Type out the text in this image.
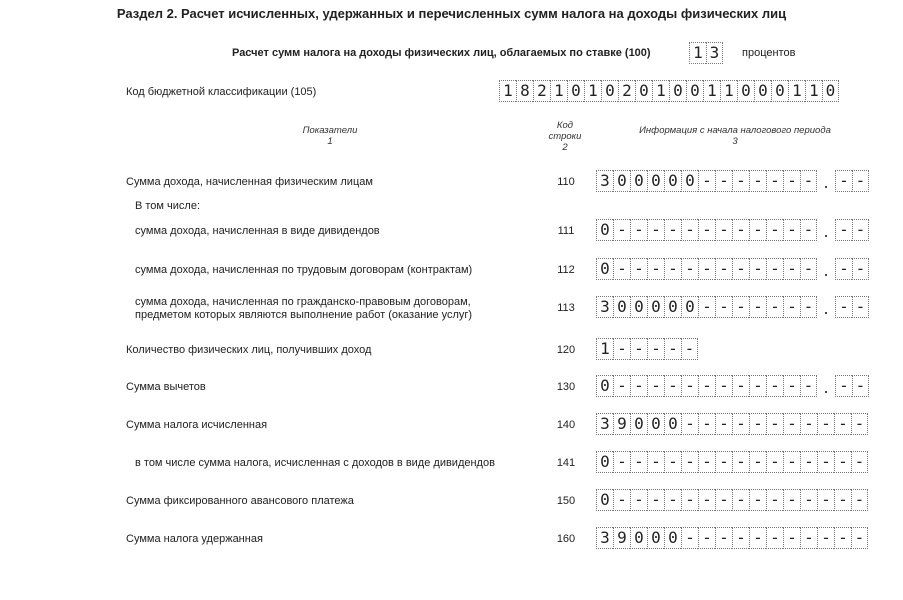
Раздел 2. Расчет исчисленных, удержанных и перечисленных сумм налога на доходы физических лиц
Расчет сумм налога на доходы физических лиц, облагаемых по ставке (100)	1 3	процентов
Код бюджетной классификации (105)	1 8 2 1 0 1 0 2 0 1 0 0 1 1 0 0 0 1 1 0
Показатели
1
Код
строки
2
Информация с начала налогового периода
3
Сумма дохода, начисленная физическим лицам	110	3 0 0 0 0 0 - - - - - - - . - -
В том числе:
сумма дохода, начисленная в виде дивидендов	111	0 - - - - - - - - - - - - . - -
сумма дохода, начисленная по трудовым договорам (контрактам)	112	0 - - - - - - - - - - - - . - -
сумма дохода, начисленная по гражданско-правовым договорам,
предметом которых являются выполнение работ (оказание услуг)
113	3 0 0 0 0 0 - - - - - - - . - -
Количество физических лиц, получивших доход	120	1 - - - - -
Сумма вычетов	130	0 - - - - - - - - - - - - . - -
Сумма налога исчисленная	140	3 9 0 0 0 - - - - - - - - - - -
в том числе сумма налога, исчисленная с доходов в виде дивидендов	141	0 - - - - - - - - - - - - - - -
Сумма фиксированного авансового платежа	150	0 - - - - - - - - - - - - - - -
Сумма налога удержанная	160	3 9 0 0 0 - - - - - - - - - - -
